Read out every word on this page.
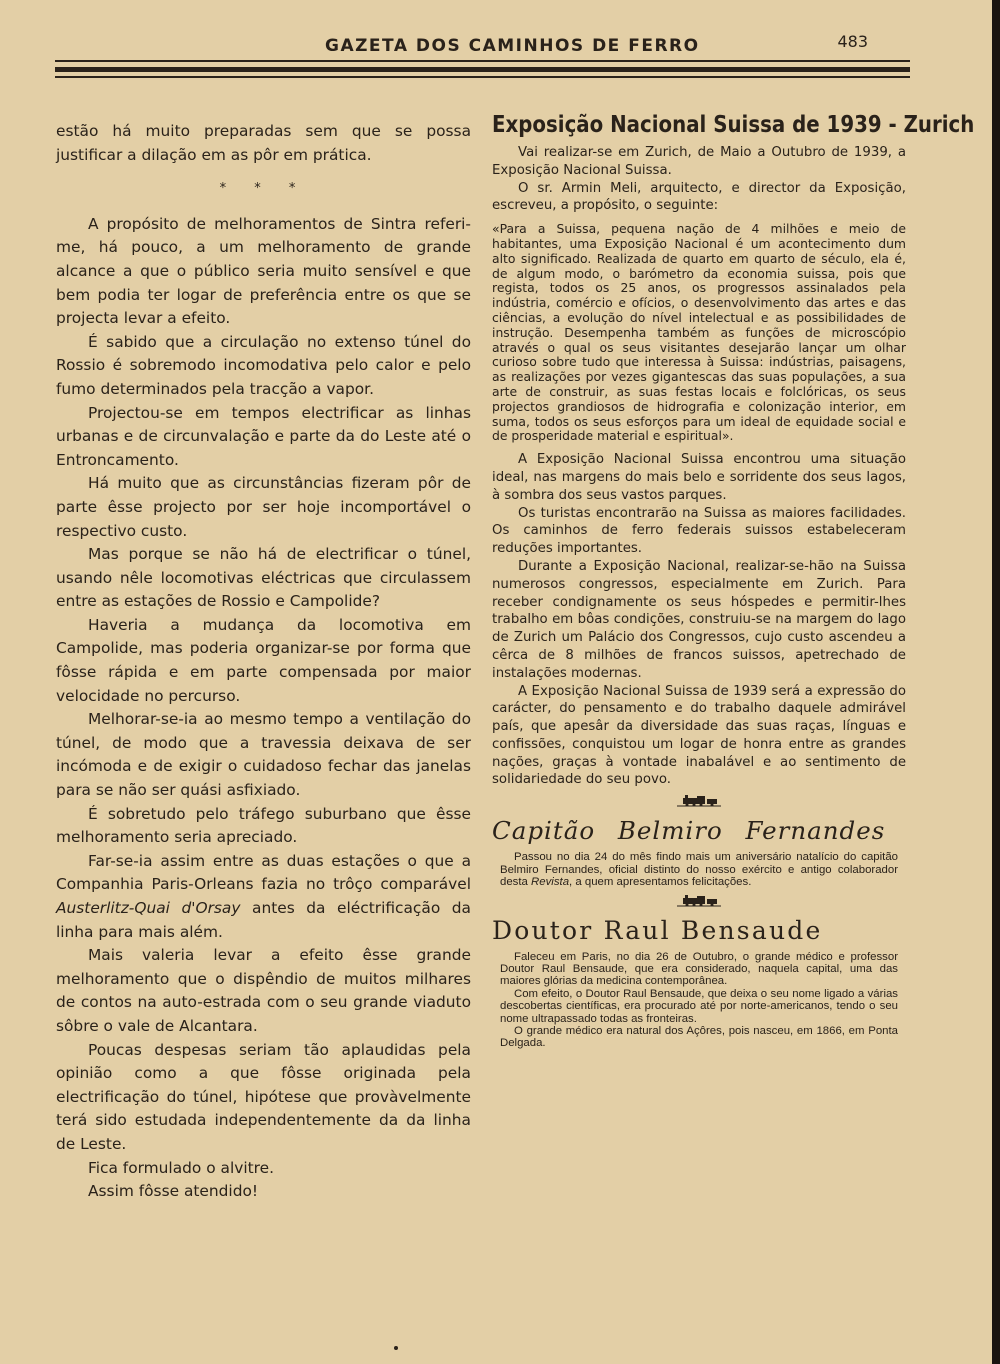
GAZETA DOS CAMINHOS DE FERRO	483

estão há muito preparadas sem que se possa justificar a dilação em as pôr em prática.

* * *

A propósito de melhoramentos de Sintra referi-me, há pouco, a um melhoramento de grande alcance a que o público seria muito sensível e que bem podia ter logar de preferência entre os que se projecta levar a efeito.

É sabido que a circulação no extenso túnel do Rossio é sobremodo incomodativa pelo calor e pelo fumo determinados pela tracção a vapor.

Projectou-se em tempos electrificar as linhas urbanas e de circunvalação e parte da do Leste até o Entroncamento.

Há muito que as circunstâncias fizeram pôr de parte êsse projecto por ser hoje incomportável o respectivo custo.

Mas porque se não há de electrificar o túnel, usando nêle locomotivas eléctricas que circulassem entre as estações de Rossio e Campolide?

Haveria a mudança da locomotiva em Campolide, mas poderia organizar-se por forma que fôsse rápida e em parte compensada por maior velocidade no percurso.

Melhorar-se-ia ao mesmo tempo a ventilação do túnel, de modo que a travessia deixava de ser incómoda e de exigir o cuidadoso fechar das janelas para se não ser quási asfixiado.

É sobretudo pelo tráfego suburbano que êsse melhoramento seria apreciado.

Far-se-ia assim entre as duas estações o que a Companhia Paris-Orleans fazia no trôço comparável Austerlitz-Quai d'Orsay antes da eléctrificação da linha para mais além.

Mais valeria levar a efeito êsse grande melhoramento que o dispêndio de muitos milhares de contos na auto-estrada com o seu grande viaduto sôbre o vale de Alcantara.

Poucas despesas seriam tão aplaudidas pela opinião como a que fôsse originada pela electrificação do túnel, hipótese que provàvelmente terá sido estudada independentemente da da linha de Leste.

Fica formulado o alvitre.

Assim fôsse atendido!

Exposição Nacional Suissa de 1939 - Zurich

Vai realizar-se em Zurich, de Maio a Outubro de 1939, a Exposição Nacional Suissa.

O sr. Armin Meli, arquitecto, e director da Exposição, escreveu, a propósito, o seguinte:

«Para a Suissa, pequena nação de 4 milhões e meio de habitantes, uma Exposição Nacional é um acontecimento dum alto significado. Realizada de quarto em quarto de século, ela é, de algum modo, o barómetro da economia suissa, pois que regista, todos os 25 anos, os progressos assinalados pela indústria, comércio e ofícios, o desenvolvimento das artes e das ciências, a evolução do nível intelectual e as possibilidades de instrução. Desempenha também as funções de microscópio através o qual os seus visitantes desejarão lançar um olhar curioso sobre tudo que interessa à Suissa: indústrias, paisagens, as realizações por vezes gigantescas das suas populações, a sua arte de construir, as suas festas locais e folclóricas, os seus projectos grandiosos de hidrografia e colonização interior, em suma, todos os seus esforços para um ideal de equidade social e de prosperidade material e espiritual».

A Exposição Nacional Suissa encontrou uma situação ideal, nas margens do mais belo e sorridente dos seus lagos, à sombra dos seus vastos parques.

Os turistas encontrarão na Suissa as maiores facilidades. Os caminhos de ferro federais suissos estabeleceram reduções importantes.

Durante a Exposição Nacional, realizar-se-hão na Suissa numerosos congressos, especialmente em Zurich. Para receber condignamente os seus hóspedes e permitir-lhes trabalho em bôas condições, construiu-se na margem do lago de Zurich um Palácio dos Congressos, cujo custo ascendeu a cêrca de 8 milhões de francos suissos, apetrechado de instalações modernas.

A Exposição Nacional Suissa de 1939 será a expressão do carácter, do pensamento e do trabalho daquele admirável país, que apesâr da diversidade das suas raças, línguas e confissões, conquistou um logar de honra entre as grandes nações, graças à vontade inabalável e ao sentimento de solidariedade do seu povo.

Capitão Belmiro Fernandes

Passou no dia 24 do mês findo mais um aniversário natalício do capitão Belmiro Fernandes, oficial distinto do nosso exército e antigo colaborador desta Revista, a quem apresentamos felicitações.

Doutor Raul Bensaude

Faleceu em Paris, no dia 26 de Outubro, o grande médico e professor Doutor Raul Bensaude, que era considerado, naquela capital, uma das maiores glórias da medicina contemporânea.

Com efeito, o Doutor Raul Bensaude, que deixa o seu nome ligado a várias descobertas científicas, era procurado até por norte-americanos, tendo o seu nome ultrapassado todas as fronteiras.

O grande médico era natural dos Açôres, pois nasceu, em 1866, em Ponta Delgada.
